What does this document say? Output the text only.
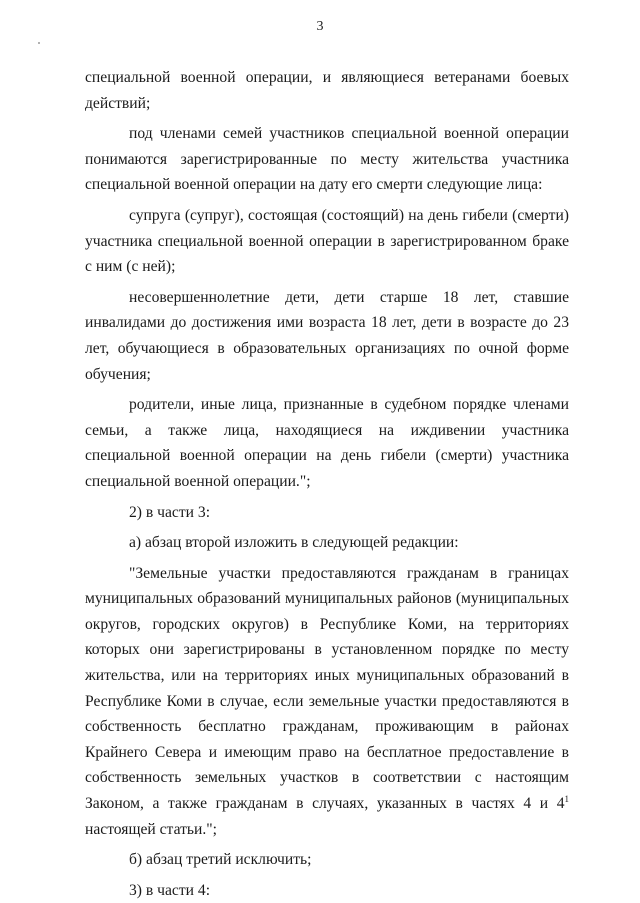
3

специальной военной операции, и являющиеся ветеранами боевых действий;

под членами семей участников специальной военной операции понимаются зарегистрированные по месту жительства участника специальной военной операции на дату его смерти следующие лица:

супруга (супруг), состоящая (состоящий) на день гибели (смерти) участника специальной военной операции в зарегистрированном браке с ним (с ней);

несовершеннолетние дети, дети старше 18 лет, ставшие инвалидами до достижения ими возраста 18 лет, дети в возрасте до 23 лет, обучающиеся в образовательных организациях по очной форме обучения;

родители, иные лица, признанные в судебном порядке членами семьи, а также лица, находящиеся на иждивении участника специальной военной операции на день гибели (смерти) участника специальной военной операции.";

2) в части 3:

а) абзац второй изложить в следующей редакции:

"Земельные участки предоставляются гражданам в границах муниципальных образований муниципальных районов (муниципальных округов, городских округов) в Республике Коми, на территориях которых они зарегистрированы в установленном порядке по месту жительства, или на территориях иных муниципальных образований в Республике Коми в случае, если земельные участки предоставляются в собственность бесплатно гражданам, проживающим в районах Крайнего Севера и имеющим право на бесплатное предоставление в собственность земельных участков в соответствии с настоящим Законом, а также гражданам в случаях, указанных в частях 4 и $4^1$ настоящей статьи.";

б) абзац третий исключить;

3) в части 4:
